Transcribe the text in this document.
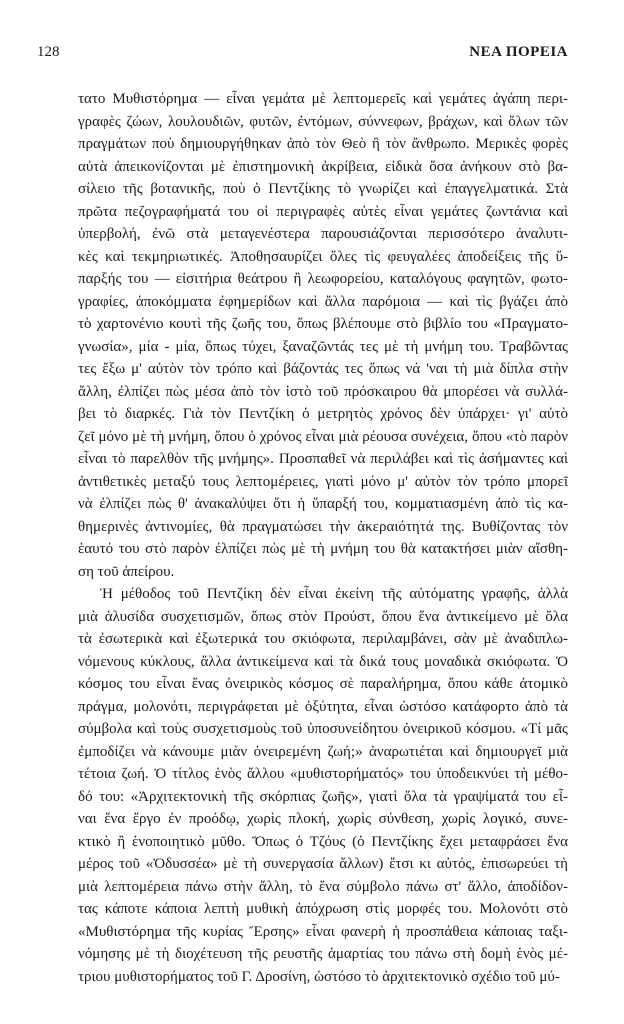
128	ΝΕΑ ΠΟΡΕΙΑ
τατο Μυθιστόρημα — εἶναι γεμάτα μὲ λεπτομερεῖς καὶ γεμάτες ἀγάπη περι-
γραφὲς ζώων, λουλουδιῶν, φυτῶν, ἐντόμων, σύννεφων, βράχων, καὶ ὅλων τῶν
πραγμάτων ποὺ δημιουργήθηκαν ἀπὸ τὸν Θεὸ ἢ τὸν ἄνθρωπο. Μερικὲς φορὲς
αὐτὰ ἀπεικονίζονται μὲ ἐπιστημονικὴ ἀκρίβεια, εἰδικὰ ὅσα ἀνήκουν στὸ βα-
σίλειο τῆς βοτανικῆς, ποὺ ὁ Πεντζίκης τὸ γνωρίζει καὶ ἐπαγγελματικά. Στὰ
πρῶτα πεζογραφήματά του οἱ περιγραφὲς αὐτὲς εἶναι γεμάτες ζωντάνια καὶ
ὑπερβολή, ἐνῶ στὰ μεταγενέστερα παρουσιάζονται περισσότερο ἀναλυτι-
κὲς καὶ τεκμηριωτικές. Ἀποθησαυρίζει ὅλες τὶς φευγαλέες ἀποδείξεις τῆς ὕ-
παρξής του — εἰσιτήρια θεάτρου ἢ λεωφορείου, καταλόγους φαγητῶν, φωτο-
γραφίες, ἀποκόμματα ἐφημερίδων καὶ ἄλλα παρόμοια — καὶ τὶς βγάζει ἀπὸ
τὸ χαρτονένιο κουτὶ τῆς ζωῆς του, ὅπως βλέπουμε στὸ βιβλίο του «Πραγματο-
γνωσία», μία - μία, ὅπως τύχει, ξαναζῶντάς τες μὲ τὴ μνήμη του. Τραβῶντας
τες ἔξω μ' αὐτὸν τὸν τρόπο καὶ βάζοντάς τες ὅπως νά 'ναι τὴ μιὰ δίπλα στὴν
ἄλλη, ἐλπίζει πὼς μέσα ἀπὸ τὸν ἱστὸ τοῦ πρόσκαιρου θὰ μπορέσει νὰ συλλά-
βει τὸ διαρκές. Γιὰ τὸν Πεντζίκη ὁ μετρητὸς χρόνος δὲν ὑπάρχει· γι' αὐτὸ
ζεῖ μόνο μὲ τὴ μνήμη, ὅπου ὁ χρόνος εἶναι μιὰ ρέουσα συνέχεια, ὅπου «τὸ παρὸν
εἶναι τὸ παρελθὸν τῆς μνήμης». Προσπαθεῖ νὰ περιλάβει καὶ τὶς ἀσήμαντες καὶ
ἀντιθετικὲς μεταξύ τους λεπτομέρειες, γιατὶ μόνο μ' αὐτὸν τὸν τρόπο μπορεῖ
νὰ ἐλπίζει πὼς θ' ἀνακαλύψει ὅτι ἡ ὕπαρξή του, κομματιασμένη ἀπὸ τὶς κα-
θημερινὲς ἀντινομίες, θὰ πραγματώσει τὴν ἀκεραιότητά της. Βυθίζοντας τὸν
ἑαυτό του στὸ παρὸν ἐλπίζει πὼς μὲ τὴ μνήμη του θὰ κατακτήσει μιὰν αἴσθη-
ση τοῦ ἀπείρου.
Ἡ μέθοδος τοῦ Πεντζίκη δὲν εἶναι ἐκείνη τῆς αὐτόματης γραφῆς, ἀλλὰ
μιὰ ἀλυσίδα συσχετισμῶν, ὅπως στὸν Προύστ, ὅπου ἕνα ἀντικείμενο μὲ ὅλα
τὰ ἐσωτερικὰ καὶ ἐξωτερικά του σκιόφωτα, περιλαμβάνει, σὰν μὲ ἀναδιπλω-
νόμενους κύκλους, ἄλλα ἀντικείμενα καὶ τὰ δικά τους μοναδικὰ σκιόφωτα. Ὁ
κόσμος του εἶναι ἕνας ὀνειρικὸς κόσμος σὲ παραλήρημα, ὅπου κάθε ἀτομικὸ
πράγμα, μολονότι, περιγράφεται μὲ ὀξύτητα, εἶναι ὡστόσο κατάφορτο ἀπὸ τὰ
σύμβολα καὶ τοὺς συσχετισμοὺς τοῦ ὑποσυνείδητου ὀνειρικοῦ κόσμου. «Τί μᾶς
ἐμποδίζει νὰ κάνουμε μιὰν ὀνειρεμένη ζωή;» ἀναρωτιέται καὶ δημιουργεῖ μιὰ
τέτοια ζωή. Ὁ τίτλος ἑνὸς ἄλλου «μυθιστορήματός» του ὑποδεικνύει τὴ μέθο-
δό του: «Ἀρχιτεκτονικὴ τῆς σκόρπιας ζωῆς», γιατὶ ὅλα τὰ γραψίματά του εἶ-
ναι ἕνα ἔργο ἐν προόδῳ, χωρὶς πλοκή, χωρὶς σύνθεση, χωρὶς λογικό, συνε-
κτικὸ ἢ ἑνοποιητικὸ μῦθο. Ὅπως ὁ Τζόυς (ὁ Πεντζίκης ἔχει μεταφράσει ἕνα
μέρος τοῦ «Ὀδυσσέα» μὲ τὴ συνεργασία ἄλλων) ἔτσι κι αὐτός, ἐπισωρεύει τὴ
μιὰ λεπτομέρεια πάνω στὴν ἄλλη, τὸ ἕνα σύμβολο πάνω στ' ἄλλο, ἀποδίδον-
τας κάποτε κάποια λεπτὴ μυθικὴ ἀπόχρωση στὶς μορφές του. Μολονότι στὸ
«Μυθιστόρημα τῆς κυρίας Ἔρσης» εἶναι φανερὴ ἡ προσπάθεια κάποιας ταξι-
νόμησης μὲ τὴ διοχέτευση τῆς ρευστῆς ἁμαρτίας του πάνω στὴ δομὴ ἑνὸς μέ-
τριου μυθιστορήματος τοῦ Γ. Δροσίνη, ὡστόσο τὸ ἀρχιτεκτονικὸ σχέδιο τοῦ μύ-
